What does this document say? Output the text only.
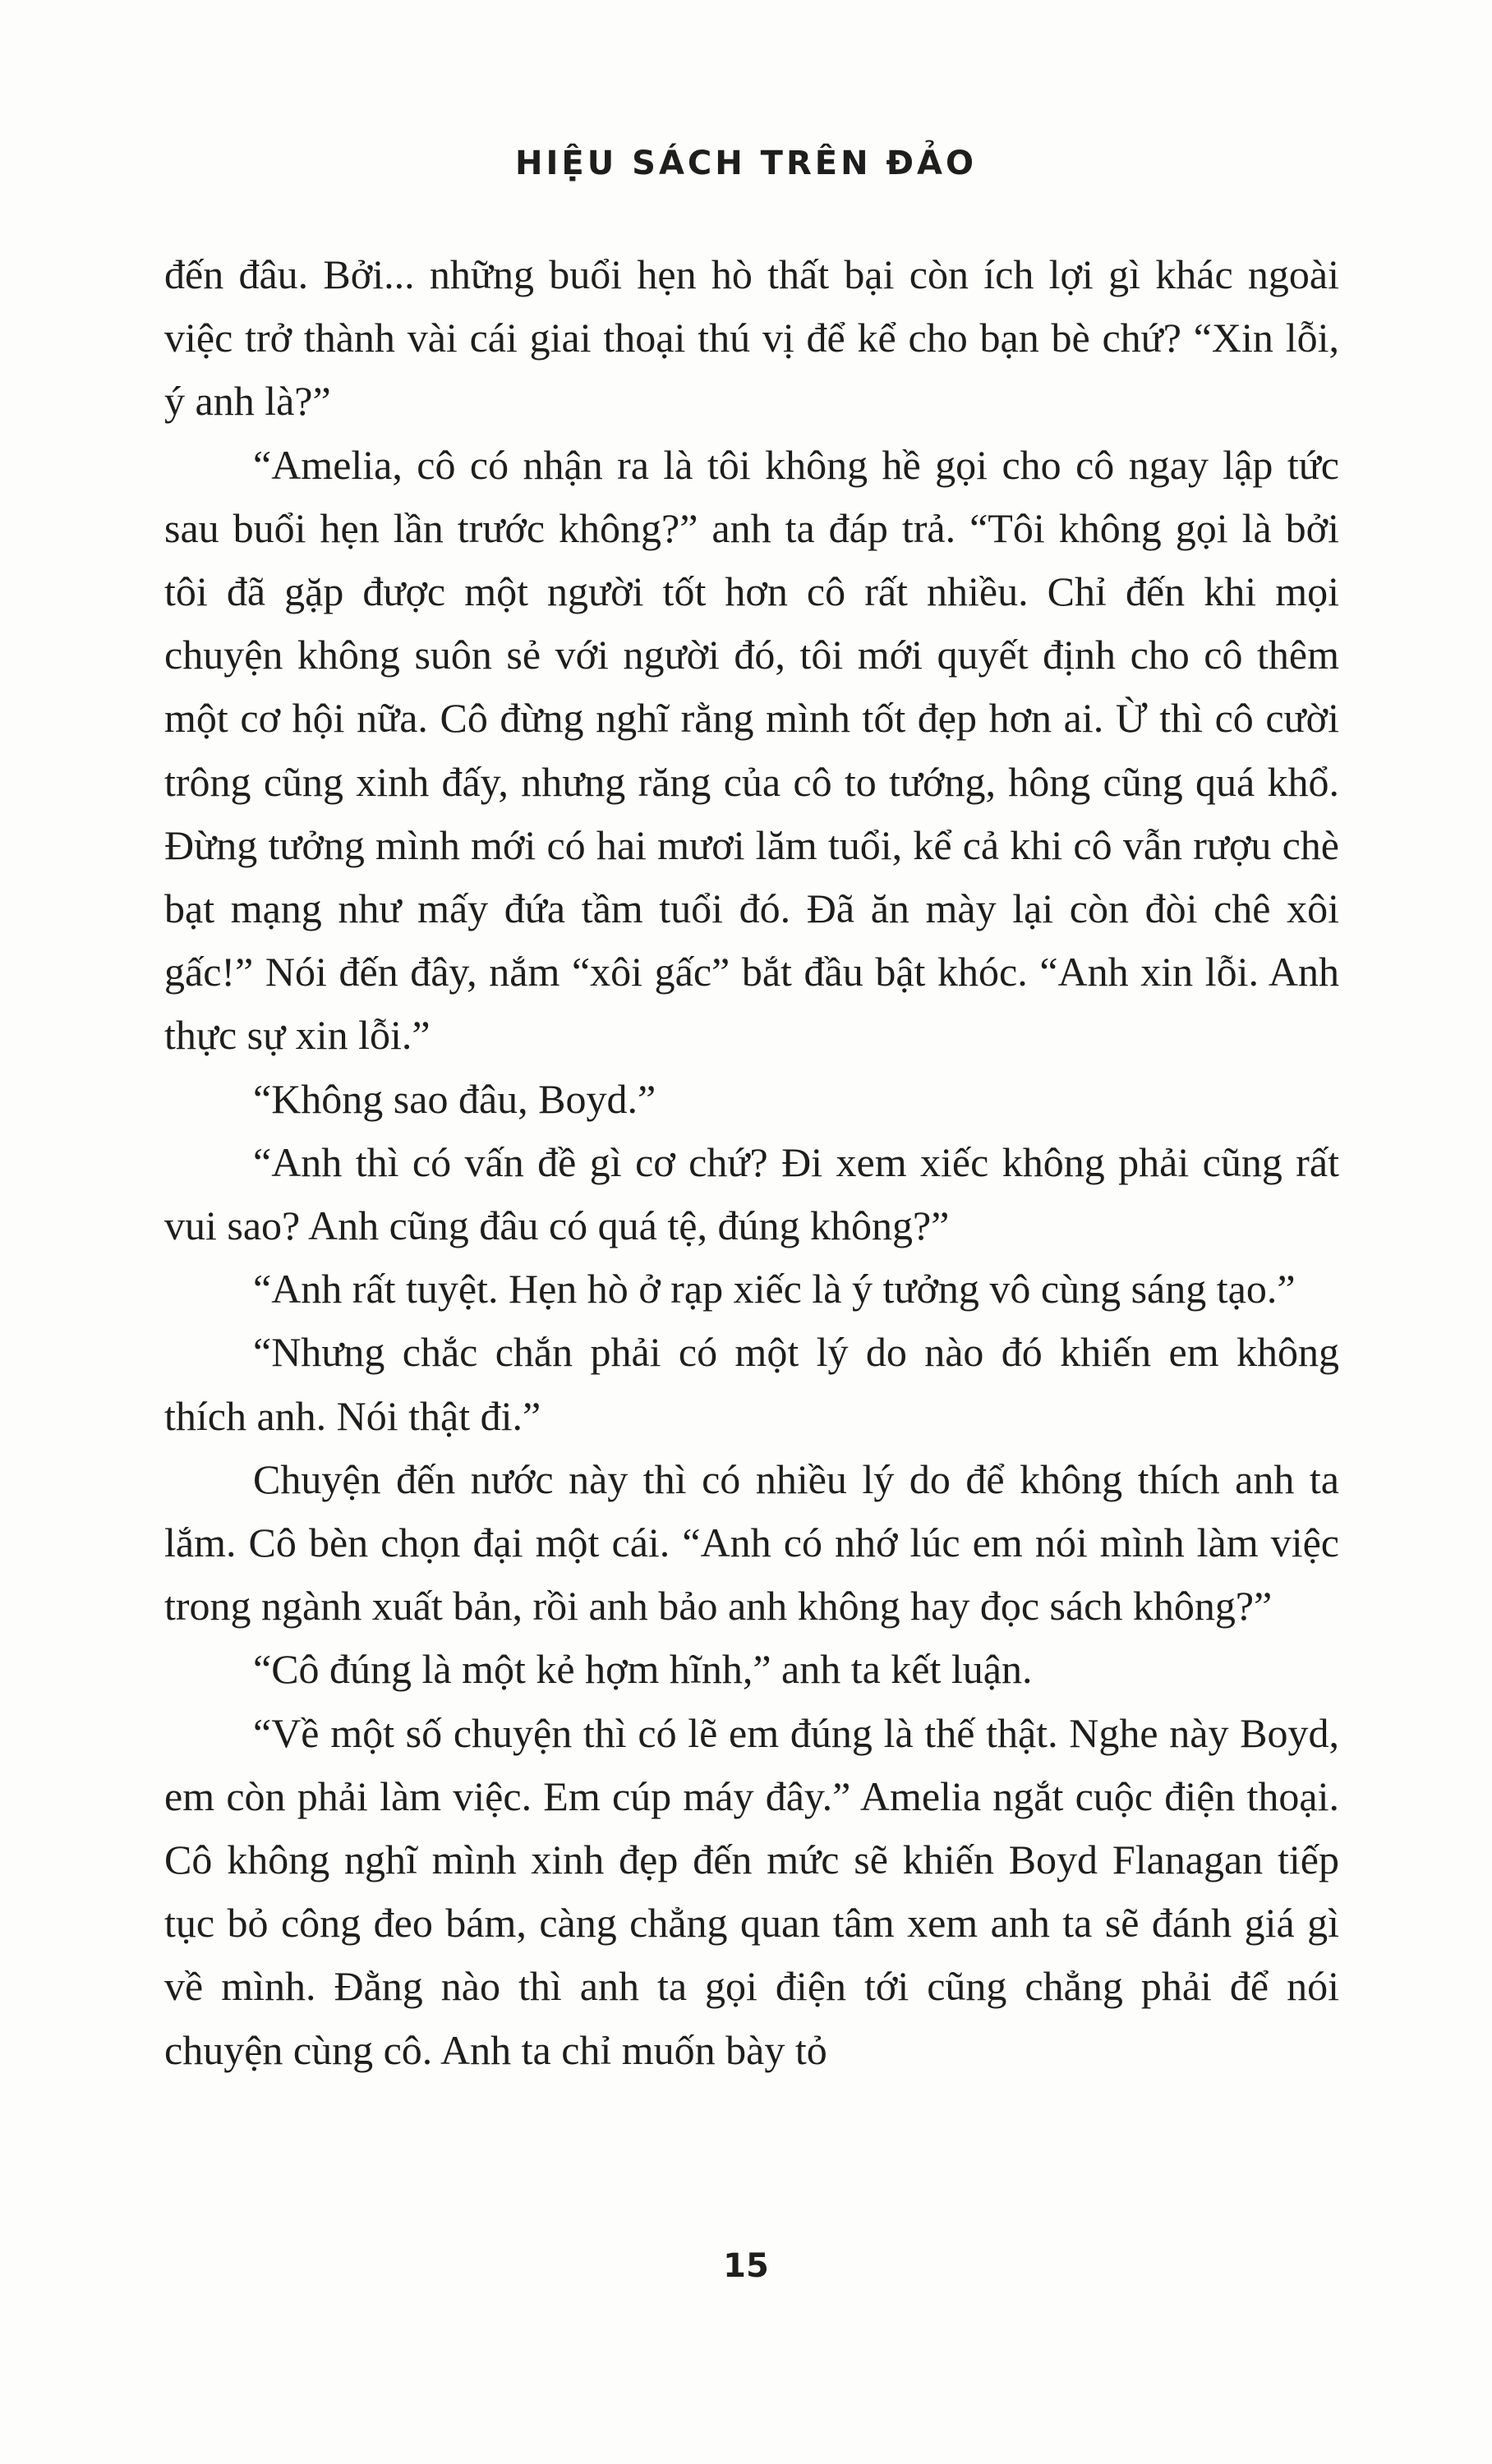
HIỆU SÁCH TRÊN ĐẢO

đến đâu. Bởi... những buổi hẹn hò thất bại còn ích lợi gì khác ngoài việc trở thành vài cái giai thoại thú vị để kể cho bạn bè chứ? “Xin lỗi, ý anh là?”

“Amelia, cô có nhận ra là tôi không hề gọi cho cô ngay lập tức sau buổi hẹn lần trước không?” anh ta đáp trả. “Tôi không gọi là bởi tôi đã gặp được một người tốt hơn cô rất nhiều. Chỉ đến khi mọi chuyện không suôn sẻ với người đó, tôi mới quyết định cho cô thêm một cơ hội nữa. Cô đừng nghĩ rằng mình tốt đẹp hơn ai. Ừ thì cô cười trông cũng xinh đấy, nhưng răng của cô to tướng, hông cũng quá khổ. Đừng tưởng mình mới có hai mươi lăm tuổi, kể cả khi cô vẫn rượu chè bạt mạng như mấy đứa tầm tuổi đó. Đã ăn mày lại còn đòi chê xôi gấc!” Nói đến đây, nắm “xôi gấc” bắt đầu bật khóc. “Anh xin lỗi. Anh thực sự xin lỗi.”

“Không sao đâu, Boyd.”

“Anh thì có vấn đề gì cơ chứ? Đi xem xiếc không phải cũng rất vui sao? Anh cũng đâu có quá tệ, đúng không?”

“Anh rất tuyệt. Hẹn hò ở rạp xiếc là ý tưởng vô cùng sáng tạo.”

“Nhưng chắc chắn phải có một lý do nào đó khiến em không thích anh. Nói thật đi.”

Chuyện đến nước này thì có nhiều lý do để không thích anh ta lắm. Cô bèn chọn đại một cái. “Anh có nhớ lúc em nói mình làm việc trong ngành xuất bản, rồi anh bảo anh không hay đọc sách không?”

“Cô đúng là một kẻ hợm hĩnh,” anh ta kết luận.

“Về một số chuyện thì có lẽ em đúng là thế thật. Nghe này Boyd, em còn phải làm việc. Em cúp máy đây.” Amelia ngắt cuộc điện thoại. Cô không nghĩ mình xinh đẹp đến mức sẽ khiến Boyd Flanagan tiếp tục bỏ công đeo bám, càng chẳng quan tâm xem anh ta sẽ đánh giá gì về mình. Đằng nào thì anh ta gọi điện tới cũng chẳng phải để nói chuyện cùng cô. Anh ta chỉ muốn bày tỏ

15
